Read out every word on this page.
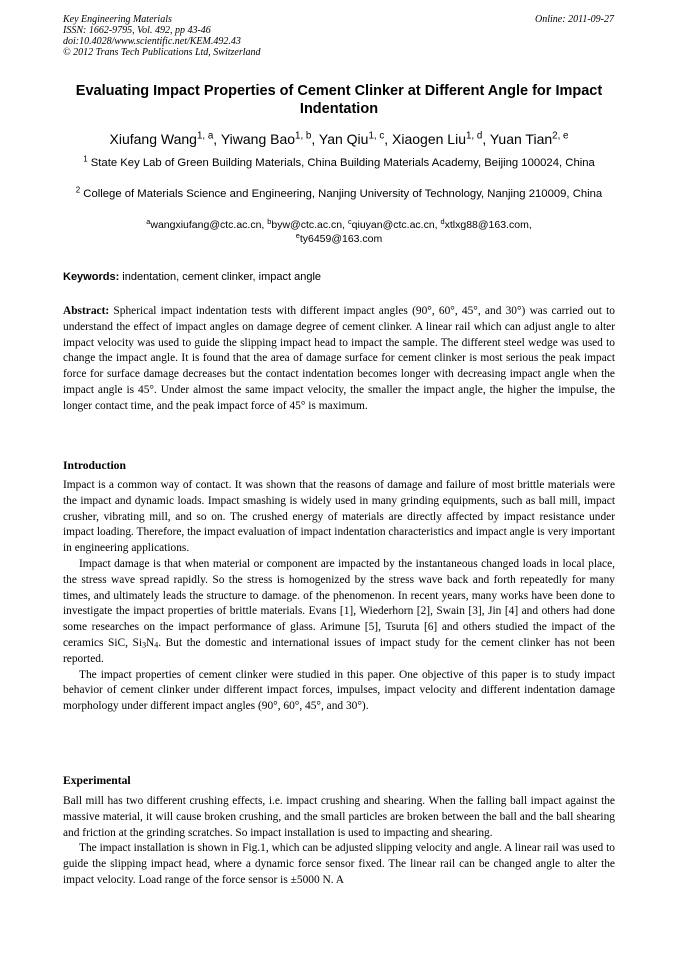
Key Engineering Materials
ISSN: 1662-9795, Vol. 492, pp 43-46
doi:10.4028/www.scientific.net/KEM.492.43
© 2012 Trans Tech Publications Ltd, Switzerland
Online: 2011-09-27
Evaluating Impact Properties of Cement Clinker at Different Angle for Impact Indentation
Xiufang Wang$^{1, a}$, Yiwang Bao$^{1, b}$, Yan Qiu$^{1, c}$, Xiaogen Liu$^{1, d}$, Yuan Tian$^{2, e}$
$^1$ State Key Lab of Green Building Materials, China Building Materials Academy, Beijing 100024, China
$^2$ College of Materials Science and Engineering, Nanjing University of Technology, Nanjing 210009, China
$^a$wangxiufang@ctc.ac.cn, $^b$byw@ctc.ac.cn, $^c$qiuyan@ctc.ac.cn, $^d$xtlxg88@163.com,
$^e$ty6459@163.com
Keywords: indentation, cement clinker, impact angle

Abstract: Spherical impact indentation tests with different impact angles (90°, 60°, 45°, and 30°) was carried out to understand the effect of impact angles on damage degree of cement clinker. A linear rail which can adjust angle to alter impact velocity was used to guide the slipping impact head to impact the sample. The different steel wedge was used to change the impact angle. It is found that the area of damage surface for cement clinker is most serious the peak impact force for surface damage decreases but the contact indentation becomes longer with decreasing impact angle when the impact angle is 45°. Under almost the same impact velocity, the smaller the impact angle, the higher the impulse, the longer contact time, and the peak impact force of 45° is maximum.

Introduction

Impact is a common way of contact. It was shown that the reasons of damage and failure of most brittle materials were the impact and dynamic loads. Impact smashing is widely used in many grinding equipments, such as ball mill, impact crusher, vibrating mill, and so on. The crushed energy of materials are directly affected by impact resistance under impact loading. Therefore, the impact evaluation of impact indentation characteristics and impact angle is very important in engineering applications.

Impact damage is that when material or component are impacted by the instantaneous changed loads in local place, the stress wave spread rapidly. So the stress is homogenized by the stress wave back and forth repeatedly for many times, and ultimately leads the structure to damage. of the phenomenon. In recent years, many works have been done to investigate the impact properties of brittle materials. Evans [1], Wiederhorn [2], Swain [3], Jin [4] and others had done some researches on the impact performance of glass. Arimune [5], Tsuruta [6] and others studied the impact of the ceramics SiC, $Si_3N_4$. But the domestic and international issues of impact study for the cement clinker has not been reported.

The impact properties of cement clinker were studied in this paper. One objective of this paper is to study impact behavior of cement clinker under different impact forces, impulses, impact velocity and different indentation damage morphology under different impact angles (90°, 60°, 45°, and 30°).

Experimental

Ball mill has two different crushing effects, i.e. impact crushing and shearing. When the falling ball impact against the massive material, it will cause broken crushing, and the small particles are broken between the ball and the ball shearing and friction at the grinding scratches. So impact installation is used to impacting and shearing.

The impact installation is shown in Fig.1, which can be adjusted slipping velocity and angle. A linear rail was used to guide the slipping impact head, where a dynamic force sensor fixed. The linear rail can be changed angle to alter the impact velocity. Load range of the force sensor is ±5000 N. A
